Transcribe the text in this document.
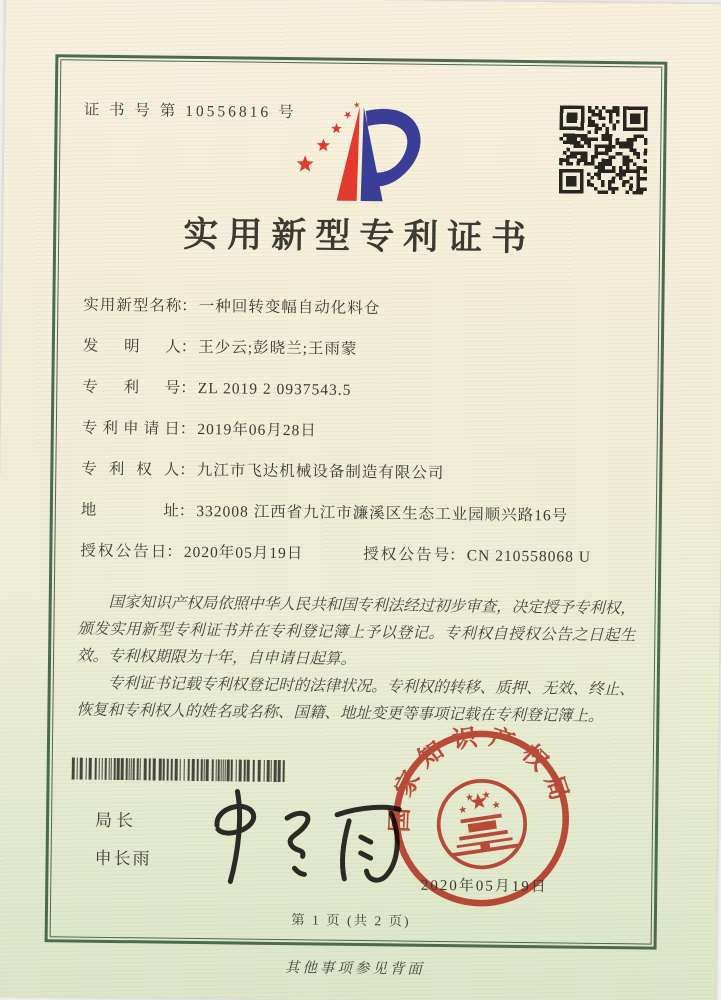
证 书 号 第 10556816 号
实用新型专利证书
实用新型名称： 一种回转变幅自动化料仓
发明人： 王少云;彭晓兰;王雨蒙
专利号： ZL 2019 2 0937543.5
专利申请日： 2019年06月28日
专利权人： 九江市飞达机械设备制造有限公司
地址： 332008 江西省九江市濂溪区生态工业园顺兴路16号
授权公告日： 2020年05月19日	授权公告号： CN 210558068 U

国家知识产权局依照中华人民共和国专利法经过初步审查，决定授予专利权，颁发实用新型专利证书并在专利登记簿上予以登记。专利权自授权公告之日起生效。专利权期限为十年，自申请日起算。

专利证书记载专利权登记时的法律状况。专利权的转移、质押、无效、终止、恢复和专利权人的姓名或名称、国籍、地址变更等事项记载在专利登记簿上。

局长
申长雨
国家知识产权局
2020年05月19日
第 1 页 (共 2 页)
其他事项参见背面
